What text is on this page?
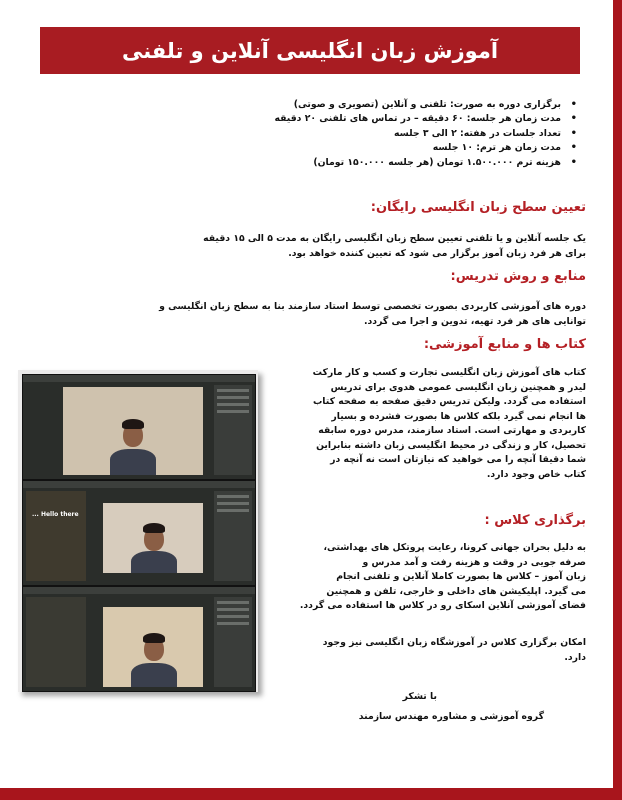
آموزش زبان انگلیسی آنلاین و تلفنی
• برگزاری دوره به صورت: تلفنی و آنلاین (تصویری و صوتی)
• مدت زمان هر جلسه: ۶۰ دقیقه – در تماس های تلفنی ۲۰ دقیقه
• تعداد جلسات در هفته: ۲ الی ۳ جلسه
• مدت زمان هر ترم: ۱۰ جلسه
• هزینه ترم ۱.۵۰۰.۰۰۰ تومان (هر جلسه ۱۵۰.۰۰۰ تومان)
تعیین سطح زبان انگلیسی رایگان:
یک جلسه آنلاین و یا تلفنی تعیین سطح زبان انگلیسی رایگان به مدت ۵ الی ۱۵ دقیقه
برای هر فرد زبان آموز برگزار می شود که تعیین کننده خواهد بود.
منابع و روش تدریس:
دوره های آموزشی کاربردی بصورت تخصصی توسط استاد سازمند بنا به سطح زبان انگلیسی و
توانایی های هر فرد تهیه، تدوین و اجرا می گردد.
کتاب ها و منابع آموزشی:
کتاب های آموزش زبان انگلیسی تجارت و کسب و کار مارکت
لیدر و همچنین زبان انگلیسی عمومی هدوی برای تدریس
استفاده می گردد. ولیکن تدریس دقیق صفحه به صفحه کتاب
ها انجام نمی گیرد بلکه کلاس ها بصورت فشرده و بسیار
کاربردی و مهارتی است. استاد سازمند، مدرس دوره سابقه
تحصیل، کار و زندگی در محیط انگلیسی زبان داشته بنابراین
شما دقیقا آنچه را می خواهید که نیازتان است نه آنچه در
کتاب خاص وجود دارد.
برگذاری کلاس :
به دلیل بحران جهانی کرونا، رعایت پروتکل های بهداشتی،
صرفه جویی در وقت و هزینه رفت و آمد مدرس و
زبان آموز – کلاس ها بصورت کاملا آنلاین و تلفنی انجام
می گیرد. اپلیکیشن های داخلی و خارجی، تلفن و همچنین
فضای آموزشی آنلاین اسکای رو در کلاس ها استفاده می گردد.
امکان برگزاری کلاس در آموزشگاه زبان انگلیسی نیز وجود
دارد.
با تشکر
گروه آموزشی و مشاوره مهندس سازمند
Hello there ...
